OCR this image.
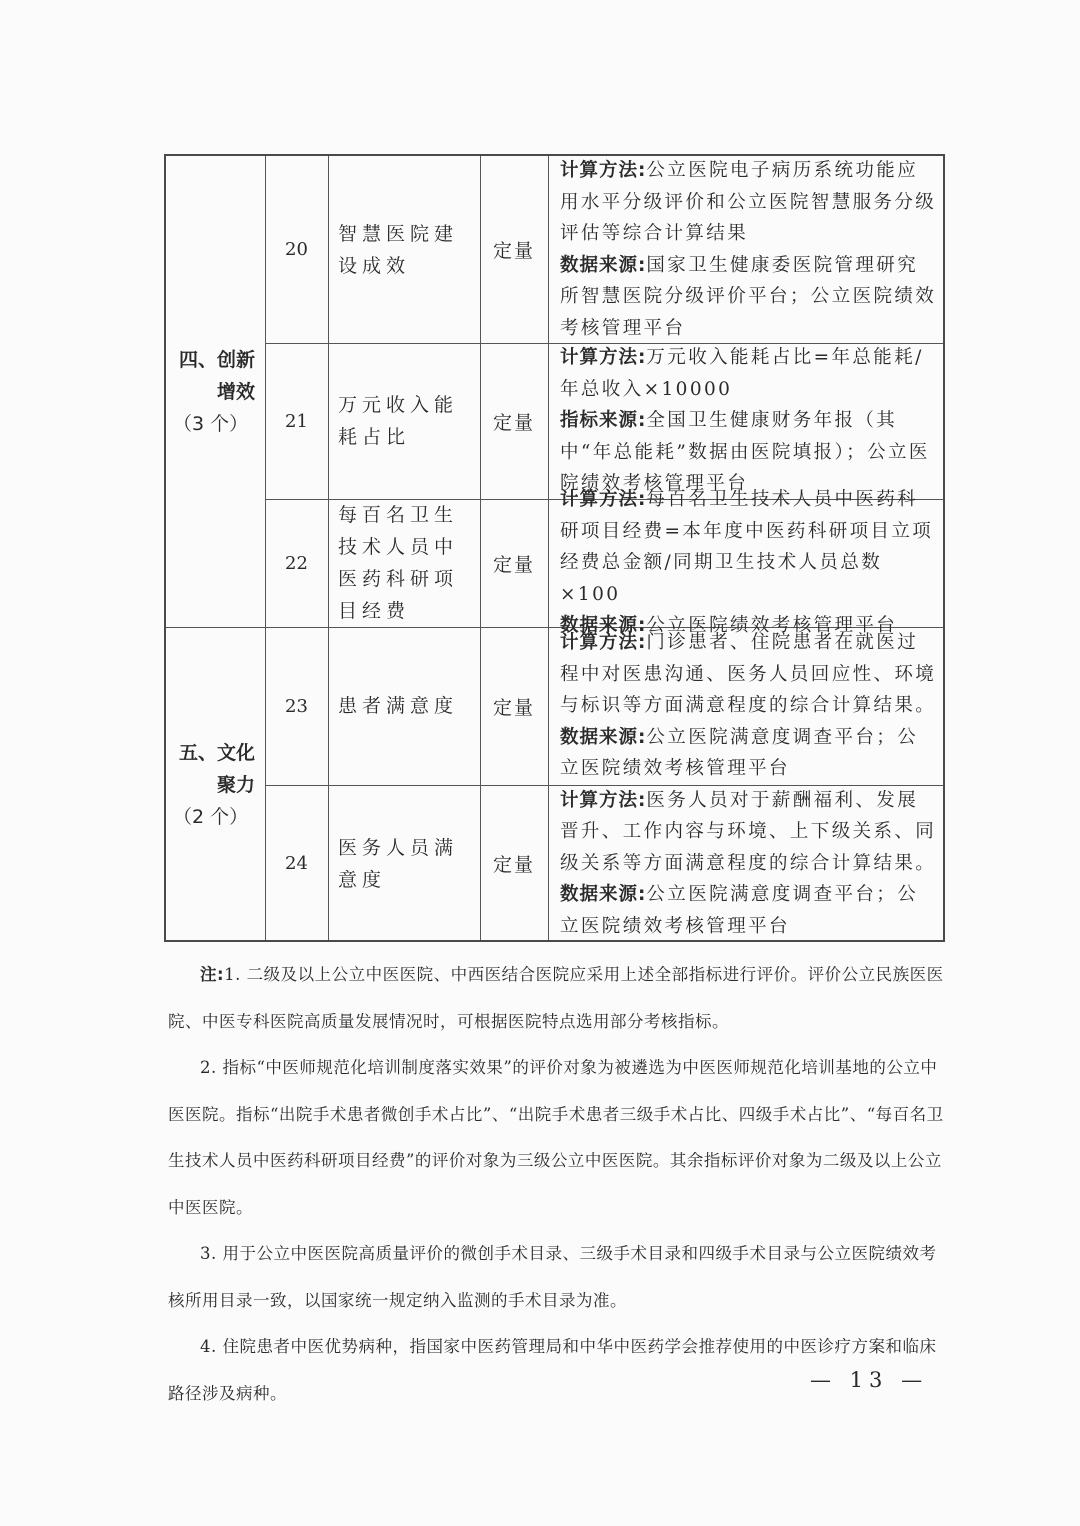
四、创新
增效
（3 个）
五、文化
聚力
（2 个）
20
智慧医院建设成效
定量
计算方法:公立医院电子病历系统功能应用水平分级评价和公立医院智慧服务分级评估等综合计算结果
数据来源:国家卫生健康委医院管理研究所智慧医院分级评价平台；公立医院绩效考核管理平台
21
万元收入能耗占比
定量
计算方法:万元收入能耗占比=年总能耗/年总收入×10000
指标来源:全国卫生健康财务年报（其中“年总能耗”数据由医院填报）；公立医院绩效考核管理平台
22
每百名卫生技术人员中医药科研项目经费
定量
计算方法:每百名卫生技术人员中医药科研项目经费=本年度中医药科研项目立项经费总金额/同期卫生技术人员总数×100
数据来源:公立医院绩效考核管理平台
23	患者满意度	定量
计算方法:门诊患者、住院患者在就医过程中对医患沟通、医务人员回应性、环境与标识等方面满意程度的综合计算结果。
数据来源:公立医院满意度调查平台；公立医院绩效考核管理平台
24
医务人员满意度
定量
计算方法:医务人员对于薪酬福利、发展晋升、工作内容与环境、上下级关系、同级关系等方面满意程度的综合计算结果。
数据来源:公立医院满意度调查平台；公立医院绩效考核管理平台

注:1. 二级及以上公立中医医院、中西医结合医院应采用上述全部指标进行评价。评价公立民族医医院、中医专科医院高质量发展情况时，可根据医院特点选用部分考核指标。

2. 指标“中医师规范化培训制度落实效果”的评价对象为被遴选为中医医师规范化培训基地的公立中医医院。指标“出院手术患者微创手术占比”、“出院手术患者三级手术占比、四级手术占比”、“每百名卫生技术人员中医药科研项目经费”的评价对象为三级公立中医医院。其余指标评价对象为二级及以上公立中医医院。

3. 用于公立中医医院高质量评价的微创手术目录、三级手术目录和四级手术目录与公立医院绩效考核所用目录一致，以国家统一规定纳入监测的手术目录为准。

4. 住院患者中医优势病种，指国家中医药管理局和中华中医药学会推荐使用的中医诊疗方案和临床路径涉及病种。

— 13 —
